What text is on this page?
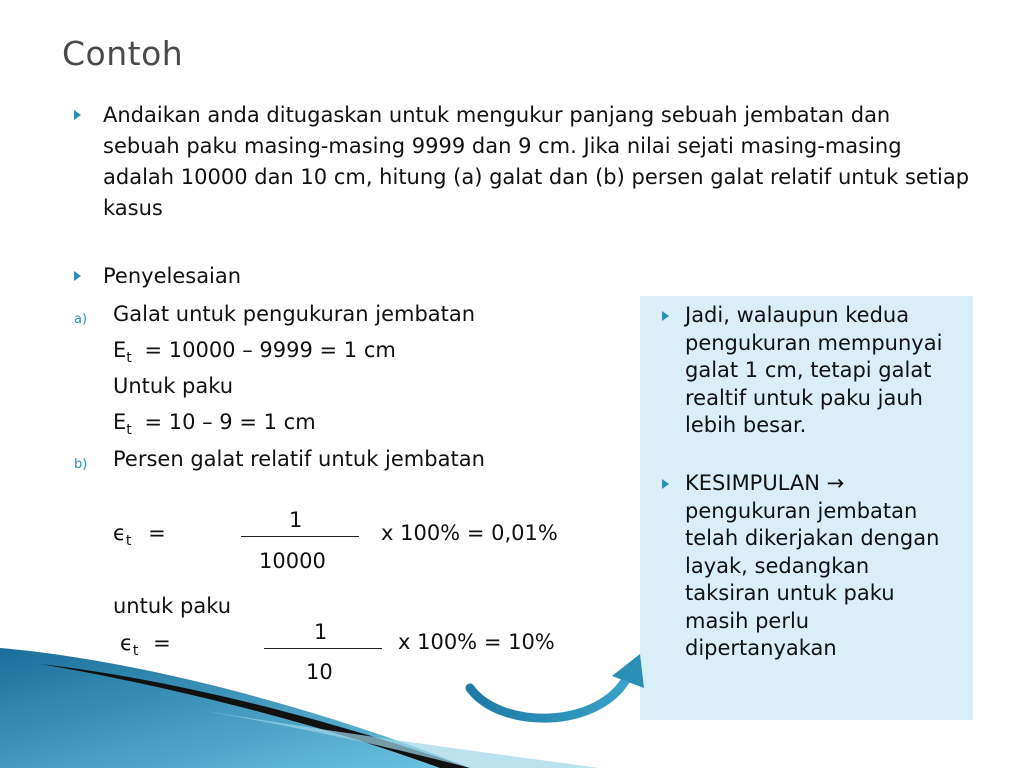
Contoh
Andaikan anda ditugaskan untuk mengukur panjang sebuah jembatan dan sebuah paku masing-masing 9999 dan 9 cm. Jika nilai sejati masing-masing adalah 10000 dan 10 cm, hitung (a) galat dan (b) persen galat relatif untuk setiap kasus
Penyelesaian
a) Galat untuk pengukuran jembatan
$E_t = 10000 - 9999 = 1$ cm
Untuk paku
$E_t = 10 - 9 = 1$ cm
b) Persen galat relatif untuk jembatan
$\epsilon_t$ =
1
10000
x 100% = 0,01%
untuk paku
$\epsilon_t$ =	1
10
x 100% = 10%
Jadi, walaupun kedua pengukuran mempunyai galat 1 cm, tetapi galat realtif untuk paku jauh lebih besar.
KESIMPULAN → pengukuran jembatan telah dikerjakan dengan layak, sedangkan taksiran untuk paku masih perlu dipertanyakan
